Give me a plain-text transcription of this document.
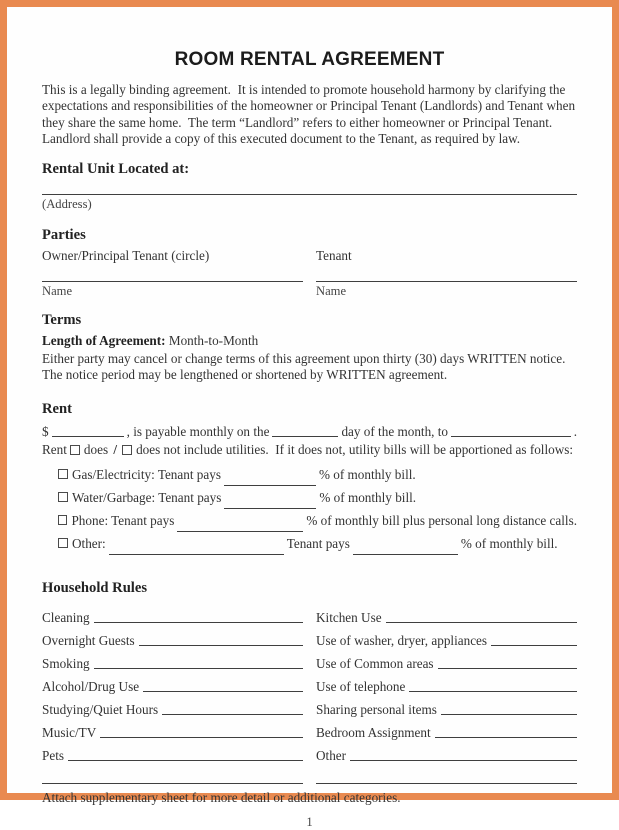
ROOM RENTAL AGREEMENT

This is a legally binding agreement.  It is intended to promote household harmony by clarifying the expectations and responsibilities of the homeowner or Principal Tenant (Landlords) and Tenant when they share the same home.  The term “Landlord” refers to either homeowner or Principal Tenant.  Landlord shall provide a copy of this executed document to the Tenant, as required by law.

Rental Unit Located at:
(Address)
Parties
Owner/Principal Tenant (circle)	Tenant
Name	Name
Terms
Length of Agreement: Month-to-Month
Either party may cancel or change terms of this agreement upon thirty (30) days WRITTEN notice. The notice period may be lengthened or shortened by WRITTEN agreement.
Rent
$	, is payable monthly on the	day of the month, to	.
Rent does / does not include utilities.  If it does not, utility bills will be apportioned as follows:
Gas/Electricity: Tenant pays	% of monthly bill.
Water/Garbage: Tenant pays	% of monthly bill.
Phone: Tenant pays	% of monthly bill plus personal long distance calls.
Other:	Tenant pays	% of monthly bill.
Household Rules
Cleaning	Kitchen Use
Overnight Guests	Use of washer, dryer, appliances
Smoking	Use of Common areas
Alcohol/Drug Use	Use of telephone
Studying/Quiet Hours	Sharing personal items
Music/TV	Bedroom Assignment
Pets	Other
Attach supplementary sheet for more detail or additional categories.
1
